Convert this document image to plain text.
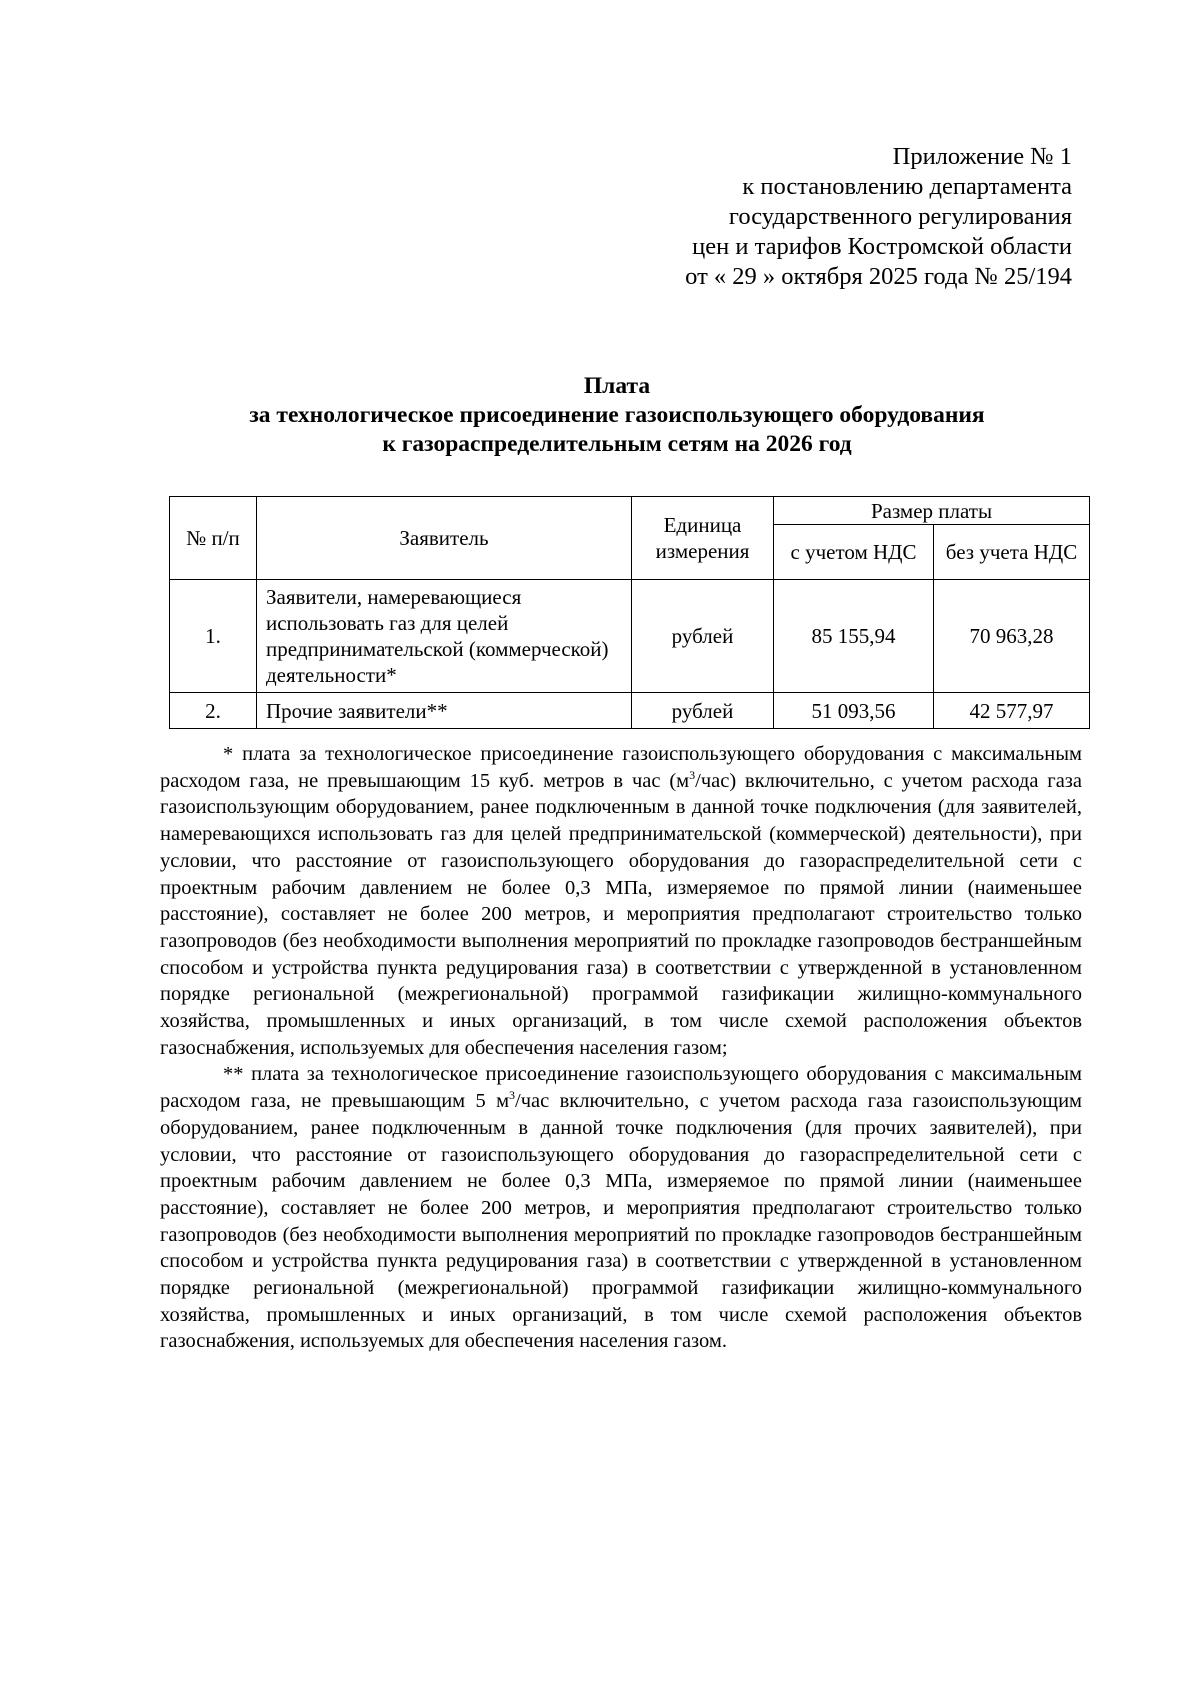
Приложение № 1
к постановлению департамента
государственного регулирования
цен и тарифов Костромской области
от « 29 » октября 2025 года № 25/194
Плата
за технологическое присоединение газоиспользующего оборудования
к газораспределительным сетям на 2026 год
№ п/п	Заявитель	Единица измерения	Размер платы	
			с учетом НДС	без учета НДС
1.	Заявители, намеревающиеся использовать газ для целей предпринимательской (коммерческой) деятельности*	рублей	85 155,94	70 963,28
2.	Прочие заявители**	рублей	51 093,56	42 577,97

* плата за технологическое присоединение газоиспользующего оборудования с максимальным расходом газа, не превышающим 15 куб. метров в час $(м^3/час)$ включительно, с учетом расхода газа газоиспользующим оборудованием, ранее подключенным в данной точке подключения (для заявителей, намеревающихся использовать газ для целей предпринимательской (коммерческой) деятельности), при условии, что расстояние от газоиспользующего оборудования до газораспределительной сети с проектным рабочим давлением не более 0,3 МПа, измеряемое по прямой линии (наименьшее расстояние), составляет не более 200 метров, и мероприятия предполагают строительство только газопроводов (без необходимости выполнения мероприятий по прокладке газопроводов бестраншейным способом и устройства пункта редуцирования газа) в соответствии с утвержденной в установленном порядке региональной (межрегиональной) программой газификации жилищно-коммунального хозяйства, промышленных и иных организаций, в том числе схемой расположения объектов газоснабжения, используемых для обеспечения населения газом;

** плата за технологическое присоединение газоиспользующего оборудования с максимальным расходом газа, не превышающим 5 $м^3$/час включительно, с учетом расхода газа газоиспользующим оборудованием, ранее подключенным в данной точке подключения (для прочих заявителей), при условии, что расстояние от газоиспользующего оборудования до газораспределительной сети с проектным рабочим давлением не более 0,3 МПа, измеряемое по прямой линии (наименьшее расстояние), составляет не более 200 метров, и мероприятия предполагают строительство только газопроводов (без необходимости выполнения мероприятий по прокладке газопроводов бестраншейным способом и устройства пункта редуцирования газа) в соответствии с утвержденной в установленном порядке региональной (межрегиональной) программой газификации жилищно-коммунального хозяйства, промышленных и иных организаций, в том числе схемой расположения объектов газоснабжения, используемых для обеспечения населения газом.
